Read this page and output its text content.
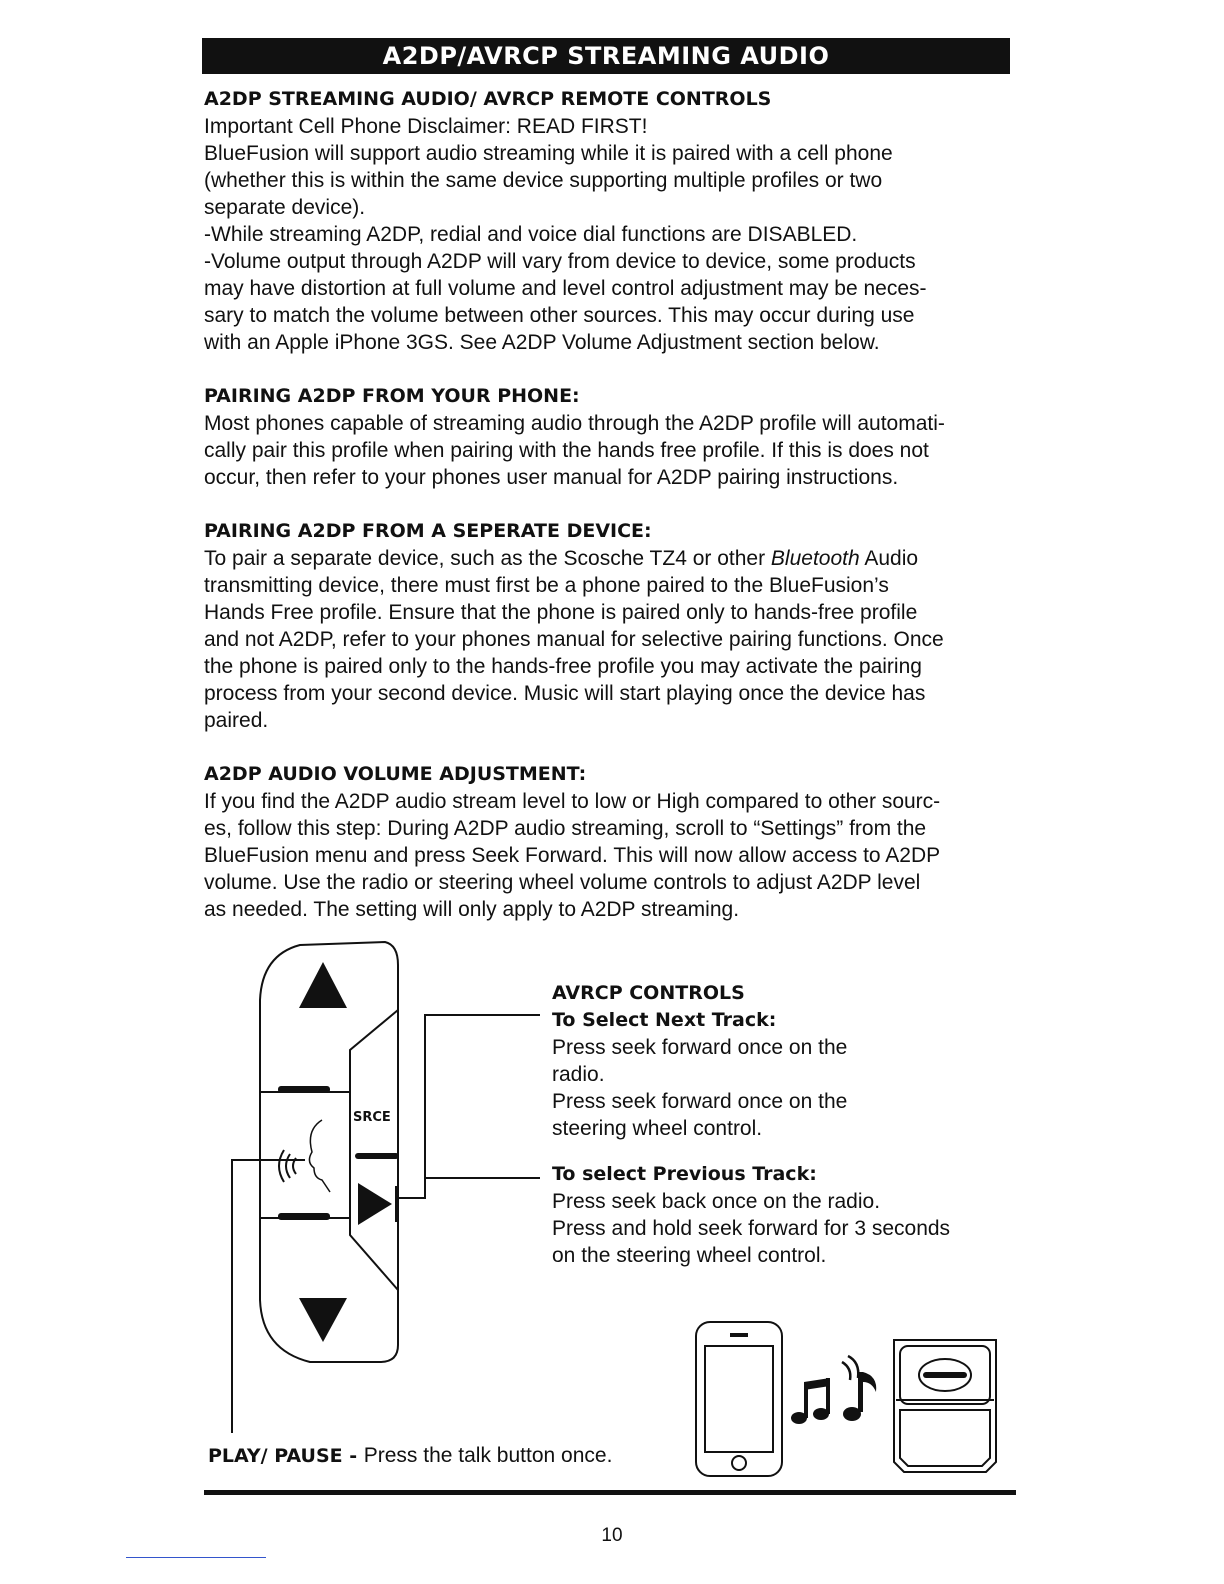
A2DP/AVRCP STREAMING AUDIO
A2DP STREAMING AUDIO/ AVRCP REMOTE CONTROLS

Important Cell Phone Disclaimer: READ FIRST!

BlueFusion will support audio streaming while it is paired with a cell phone

(whether this is within the same device supporting multiple profiles or two

separate device).

-While streaming A2DP, redial and voice dial functions are DISABLED.

-Volume output through A2DP will vary from device to device, some products

may have distortion at full volume and level control adjustment may be neces-

sary to match the volume between other sources. This may occur during use

with an Apple iPhone 3GS. See A2DP Volume Adjustment section below.

PAIRING A2DP FROM YOUR PHONE:

Most phones capable of streaming audio through the A2DP profile will automati-

cally pair this profile when pairing with the hands free profile. If this is does not

occur, then refer to your phones user manual for A2DP pairing instructions.

PAIRING A2DP FROM A SEPERATE DEVICE:

To pair a separate device, such as the Scosche TZ4 or other Bluetooth Audio

transmitting device, there must first be a phone paired to the BlueFusion’s

Hands Free profile. Ensure that the phone is paired only to hands-free profile

and not A2DP, refer to your phones manual for selective pairing functions. Once

the phone is paired only to the hands-free profile you may activate the pairing

process from your second device. Music will start playing once the device has

paired.

A2DP AUDIO VOLUME ADJUSTMENT:

If you find the A2DP audio stream level to low or High compared to other sourc-

es, follow this step: During A2DP audio streaming, scroll to “Settings” from the

BlueFusion menu and press Seek Forward. This will now allow access to A2DP

volume. Use the radio or steering wheel volume controls to adjust A2DP level

as needed. The setting will only apply to A2DP streaming.

SRCE
AVRCP CONTROLS
To Select Next Track:

Press seek forward once on the

radio.

Press seek forward once on the

steering wheel control.

To select Previous Track:

Press seek back once on the radio.

Press and hold seek forward for 3 seconds

on the steering wheel control.

PLAY/ PAUSE - Press the talk button once.
10
